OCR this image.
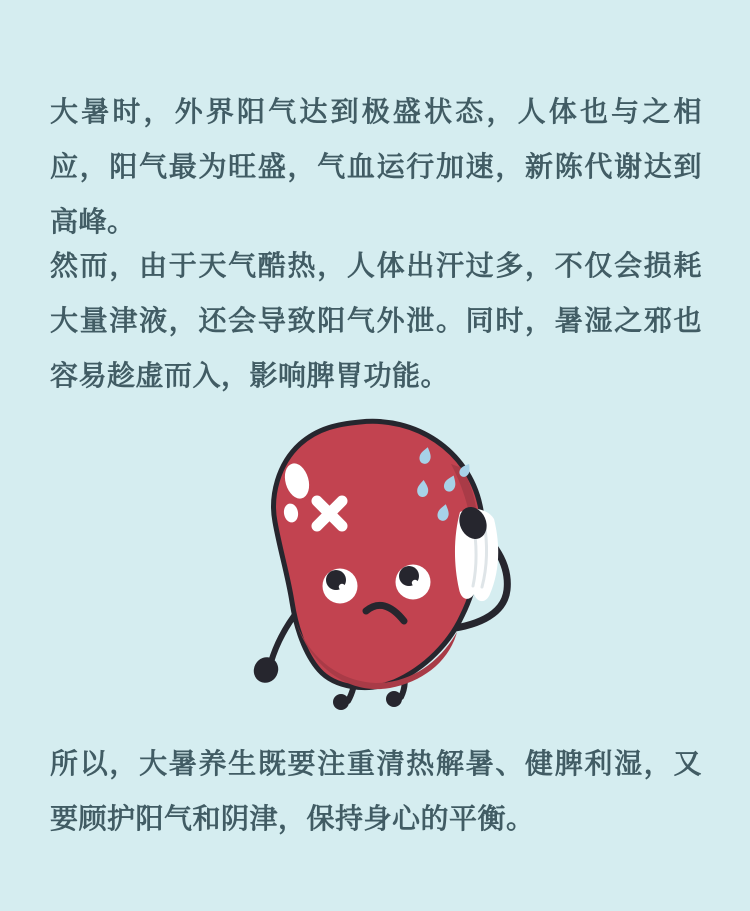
大暑时，外界阳气达到极盛状态，人体也与之相应，阳气最为旺盛，气血运行加速，新陈代谢达到高峰。

然而，由于天气酷热，人体出汗过多，不仅会损耗大量津液，还会导致阳气外泄。同时，暑湿之邪也容易趁虚而入，影响脾胃功能。

所以，大暑养生既要注重清热解暑、健脾利湿，又要顾护阳气和阴津，保持身心的平衡。
